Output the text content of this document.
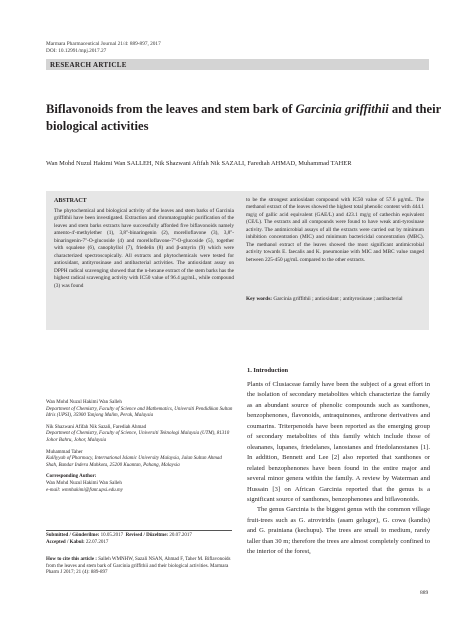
Marmara Pharmaceutical Journal 21/4: 889-897, 2017
DOI: 10.12991/mpj.2017.27
RESEARCH ARTICLE
Biflavonoids from the leaves and stem bark of Garcinia griffithii and their biological activities
Wan Mohd Nuzul Hakimi Wan SALLEH, Nik Shazwani Afifah Nik SAZALI, Farediah AHMAD, Muhammad TAHER
ABSTRACT
The phytochemical and biological activity of the leaves and stem barks of Garcinia griffithii have been investigated. Extraction and chromatographic purification of the leaves and stem barks extracts have successfully afforded five biflavonoids namely amento-4'-methylether (1), 3,8''-binaringenin (2), morelloflavone (3), 3,8''-binaringenin-7''-O-glucoside (4) and morelloflavone-7''-O-glucoside (5), together with squalene (6), canophyllol (7), friedelin (8) and β-amyrin (9) which were characterized spectroscopically. All extracts and phytochemicals were tested for antioxidant, antityrosinase and antibacterial activities. The antioxidant assay on DPPH radical scavenging showed that the n-hexane extract of the stem barks has the highest radical scavenging activity with IC50 value of 96.4 µg/mL, while compound (3) was found
to be the strongest antioxidant compound with IC50 value of 57.6 µg/mL. The methanol extract of the leaves showed the highest total phenolic content with 444.1 mg/g of gallic acid equivalent (GAE/L) and 423.1 mg/g of cathechin equivalent (CE/L). The extracts and all compounds were found to have weak anti-tyrosinase activity. The antimicrobial assays of all the extracts were carried out by minimum inhibition concentration (MIC) and minimum bactericidal concentration (MBC). The methanol extract of the leaves showed the most significant antimicrobial activity towards E. faecalis and K. pneumoniae with MIC and MBC value ranged between 225-450 µg/mL compared to the other extracts.
Key words: Garcinia griffithii ; antioxidant ; antityrosinase ; antibacterial
Wan Mohd Nuzul Hakimi Wan Salleh
Department of Chemistry, Faculty of Science and Mathematics, Universiti Pendidikan Sultan Idris (UPSI), 35900 Tanjong Malim, Perak, Malaysia
Nik Shazwani Afifah Nik Sazali, Farediah Ahmad
Department of Chemistry, Faculty of Science, Universiti Teknologi Malaysia (UTM), 81310 Johor Bahru, Johor, Malaysia
Muhammad Taher
Kulliyyah of Pharmacy, International Islamic University Malaysia, Jalan Sultan Ahmad Shah, Bandar Indera Mahkota, 25200 Kuantan, Pahang, Malaysia
Corresponding Author:
Wan Mohd Nuzul Hakimi Wan Salleh
e-mail: wmnhakimi@fsmt.upsi.edu.my
Submitted / Gönderilme: 10.05.2017 Revised / Düzeltme: 20.07.2017
Accepted / Kabul: 22.07.2017
How to cite this article : Salleh WMNHW, Sazali NSAN, Ahmad F, Taher M. Biflavonoids from the leaves and stem bark of Garcinia griffithii and their biological activities. Marmara Pharm J 2017; 21 (4): 889-897
1. Introduction

Plants of Clusiaceae family have been the subject of a great effort in the isolation of secondary metabolites which characterize the family as an abundant source of phenolic compounds such as xanthones, benzophenones, flavonoids, antraquinones, anthrone derivatives and coumarins. Triterpenoids have been reported as the emerging group of secondary metabolites of this family which include those of oleananes, lupanes, friedelanes, lanostanes and friedolanostanes [1]. In addition, Bennett and Lee [2] also reported that xanthones or related benzophenones have been found in the entire major and several minor genera within the family. A review by Waterman and Hussain [3] on African Garcinia reported that the genus is a significant source of xanthones, benzophenones and biflavonoids.

The genus Garcinia is the biggest genus with the common village fruit-trees such as G. atroviridis (asam gelugor), G. cowa (kandis) and G. prainiana (kechupu). The trees are small to medium, rarely taller than 30 m; therefore the trees are almost completely confined to the interior of the forest,

889
